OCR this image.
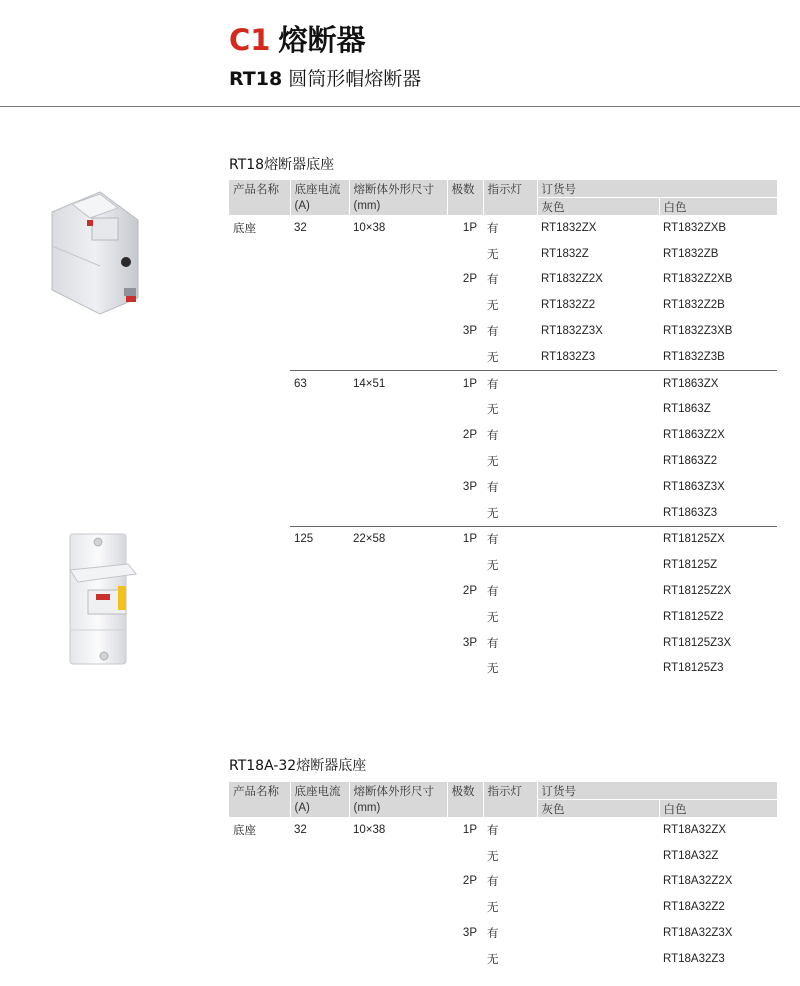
C1 熔断器
RT18 圆筒形帽熔断器
RT18熔断器底座
产品名称	底座电流	熔断体外形尺寸	极数	指示灯	订货号	
	(A)	(mm)			灰色	白色
底座	32	10×38	1P	有	RT1832ZX	RT1832ZXB
				无	RT1832Z	RT1832ZB
			2P	有	RT1832Z2X	RT1832Z2XB
				无	RT1832Z2	RT1832Z2B
			3P	有	RT1832Z3X	RT1832Z3XB
				无	RT1832Z3	RT1832Z3B
	63	14×51	1P	有		RT1863ZX
				无		RT1863Z
			2P	有		RT1863Z2X
				无		RT1863Z2
			3P	有		RT1863Z3X
				无		RT1863Z3
	125	22×58	1P	有		RT18125ZX
				无		RT18125Z
			2P	有		RT18125Z2X
				无		RT18125Z2
			3P	有		RT18125Z3X
				无		RT18125Z3
RT18A-32熔断器底座
产品名称	底座电流	熔断体外形尺寸	极数	指示灯	订货号	
	(A)	(mm)			灰色	白色
底座	32	10×38	1P	有		RT18A32ZX
				无		RT18A32Z
			2P	有		RT18A32Z2X
				无		RT18A32Z2
			3P	有		RT18A32Z3X
				无		RT18A32Z3
